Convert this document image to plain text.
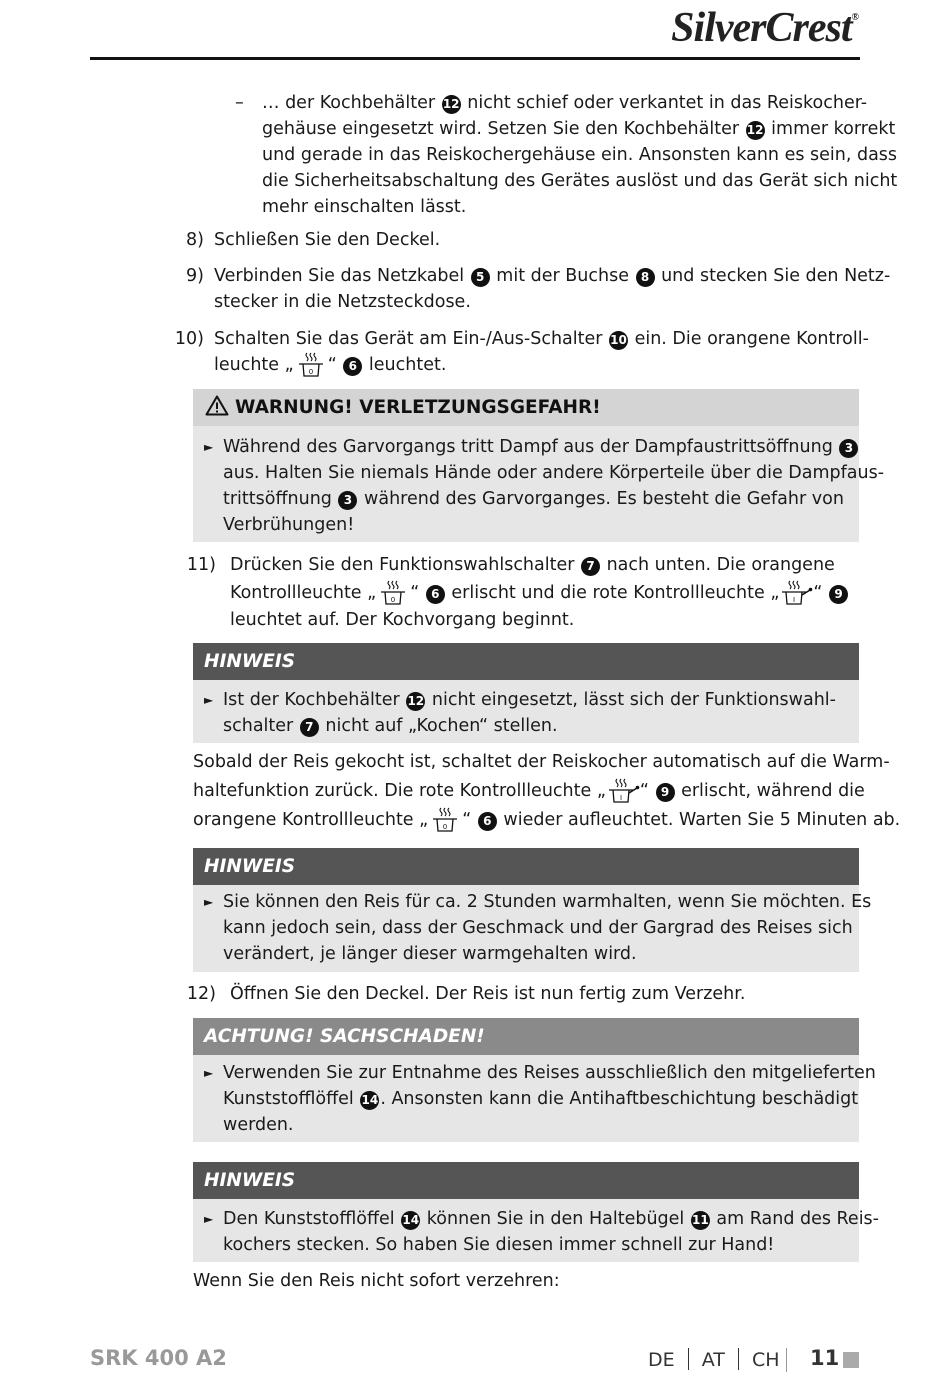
SilverCrest®
– … der Kochbehälter 12 nicht schief oder verkantet in das Reiskocher-
gehäuse eingesetzt wird. Setzen Sie den Kochbehälter 12 immer korrekt
und gerade in das Reiskochergehäuse ein. Ansonsten kann es sein, dass
die Sicherheitsabschaltung des Gerätes auslöst und das Gerät sich nicht
mehr einschalten lässt.
8) Schließen Sie den Deckel.
9) Verbinden Sie das Netzkabel 5 mit der Buchse 8 und stecken Sie den Netz-
stecker in die Netzsteckdose.
10) Schalten Sie das Gerät am Ein-/Aus-Schalter 10 ein. Die orangene Kontroll-
leuchte „ 0 “ 6 leuchtet.
WARNUNG! VERLETZUNGSGEFAHR!
► Während des Garvorgangs tritt Dampf aus der Dampfaustrittsöffnung 3
aus. Halten Sie niemals Hände oder andere Körperteile über die Dampfaus-
trittsöffnung 3 während des Garvorganges. Es besteht die Gefahr von
Verbrühungen!
11) Drücken Sie den Funktionswahlschalter 7 nach unten. Die orangene
Kontrollleuchte „ 0 “ 6 erlischt und die rote Kontrollleuchte „ I “ 9
leuchtet auf. Der Kochvorgang beginnt.
HINWEIS
► Ist der Kochbehälter 12 nicht eingesetzt, lässt sich der Funktionswahl-
schalter 7 nicht auf „Kochen“ stellen.
Sobald der Reis gekocht ist, schaltet der Reiskocher automatisch auf die Warm-
haltefunktion zurück. Die rote Kontrollleuchte „ I “ 9 erlischt, während die
orangene Kontrollleuchte „ 0 “ 6 wieder aufleuchtet. Warten Sie 5 Minuten ab.
HINWEIS
► Sie können den Reis für ca. 2 Stunden warmhalten, wenn Sie möchten. Es
kann jedoch sein, dass der Geschmack und der Gargrad des Reises sich
verändert, je länger dieser warmgehalten wird.
12) Öffnen Sie den Deckel. Der Reis ist nun fertig zum Verzehr.
ACHTUNG! SACHSCHADEN!
► Verwenden Sie zur Entnahme des Reises ausschließlich den mitgelieferten
Kunststofflöffel 14 . Ansonsten kann die Antihaftbeschichtung beschädigt
werden.
HINWEIS
► Den Kunststofflöffel 14 können Sie in den Haltebügel 11 am Rand des Reis-
kochers stecken. So haben Sie diesen immer schnell zur Hand!
Wenn Sie den Reis nicht sofort verzehren:
SRK 400 A2	DE AT CH 11
